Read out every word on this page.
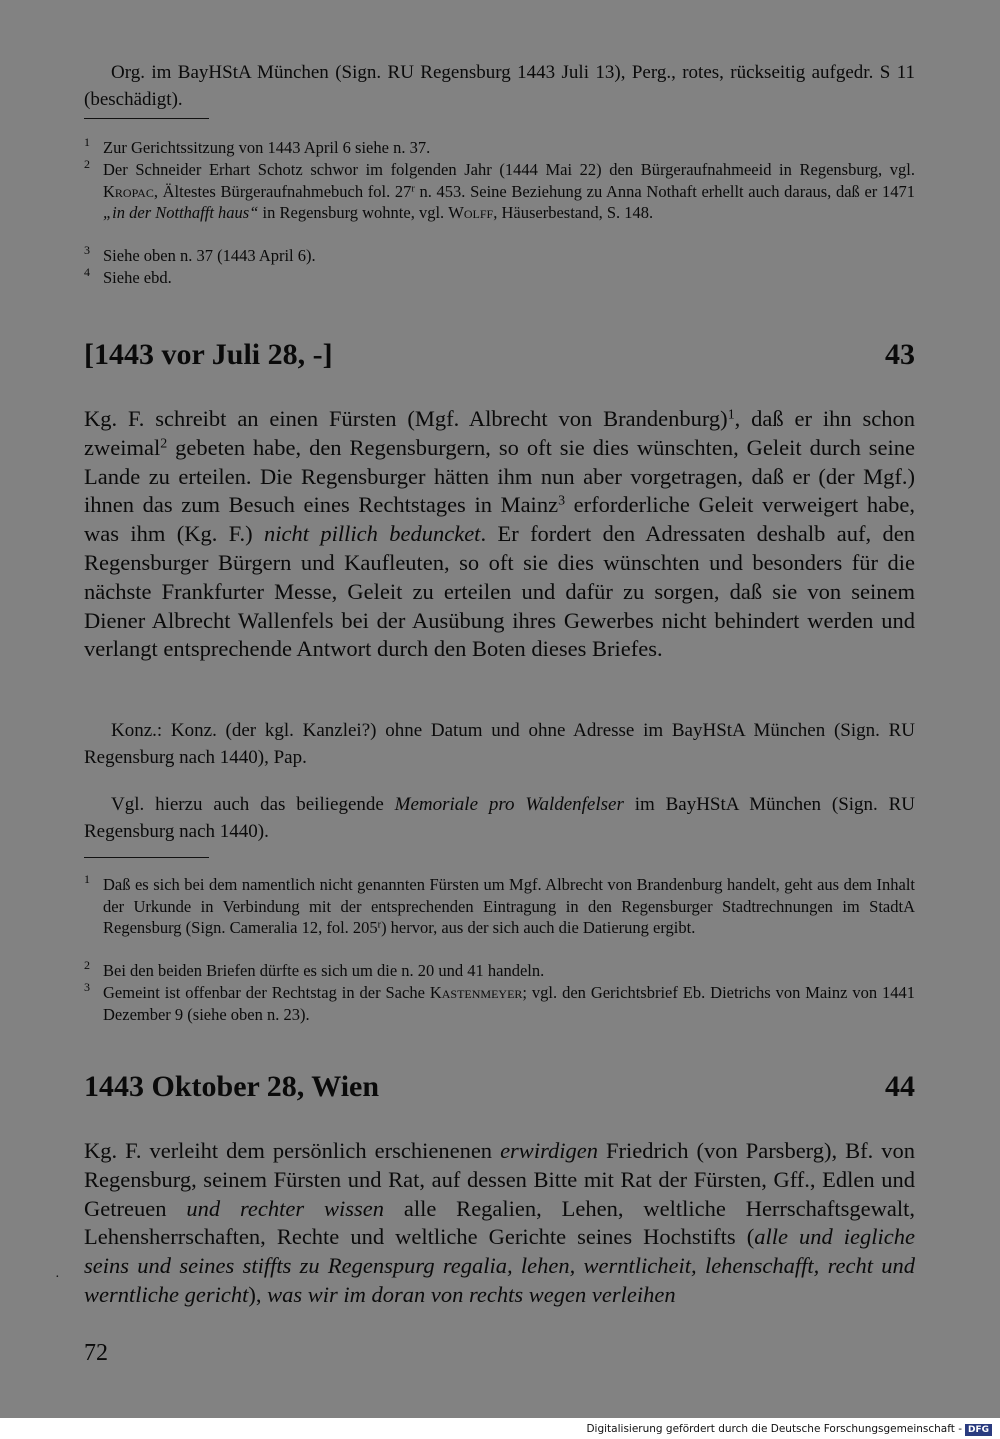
Org. im BayHStA München (Sign. RU Regensburg 1443 Juli 13), Perg., rotes, rückseitig aufgedr. S 11 (beschädigt).

1 Zur Gerichtssitzung von 1443 April 6 siehe n. 37.
2 Der Schneider Erhart Schotz schwor im folgenden Jahr (1444 Mai 22) den Bürgeraufnahmeeid in Regensburg, vgl. Kropac, Ältestes Bürgeraufnahmebuch fol. 27$^r$ n. 453. Seine Beziehung zu Anna Nothaft erhellt auch daraus, daß er 1471 „in der Notthafft haus“ in Regensburg wohnte, vgl. Wolff, Häuserbestand, S. 148.
3 Siehe oben n. 37 (1443 April 6).
4 Siehe ebd.
[1443 vor Juli 28, -]	43

Kg. F. schreibt an einen Fürsten (Mgf. Albrecht von Brandenburg)$^1$, daß er ihn schon zweimal$^2$ gebeten habe, den Regensburgern, so oft sie dies wünschten, Geleit durch seine Lande zu erteilen. Die Regensburger hätten ihm nun aber vorgetragen, daß er (der Mgf.) ihnen das zum Besuch eines Rechtstages in Mainz$^3$ erforderliche Geleit verweigert habe, was ihm (Kg. F.) nicht pillich beduncket. Er fordert den Adressaten deshalb auf, den Regensburger Bürgern und Kaufleuten, so oft sie dies wünschten und besonders für die nächste Frankfurter Messe, Geleit zu erteilen und dafür zu sorgen, daß sie von seinem Diener Albrecht Wallenfels bei der Ausübung ihres Gewerbes nicht behindert werden und verlangt entsprechende Antwort durch den Boten dieses Briefes.

Konz.: Konz. (der kgl. Kanzlei?) ohne Datum und ohne Adresse im BayHStA München (Sign. RU Regensburg nach 1440), Pap.

Vgl. hierzu auch das beiliegende Memoriale pro Waldenfelser im BayHStA München (Sign. RU Regensburg nach 1440).

1 Daß es sich bei dem namentlich nicht genannten Fürsten um Mgf. Albrecht von Brandenburg handelt, geht aus dem Inhalt der Urkunde in Verbindung mit der entsprechenden Eintragung in den Regensburger Stadtrechnungen im StadtA Regensburg (Sign. Cameralia 12, fol. 205$^r$) hervor, aus der sich auch die Datierung ergibt.
2 Bei den beiden Briefen dürfte es sich um die n. 20 und 41 handeln.
3 Gemeint ist offenbar der Rechtstag in der Sache Kastenmeyer; vgl. den Gerichtsbrief Eb. Dietrichs von Mainz von 1441 Dezember 9 (siehe oben n. 23).
1443 Oktober 28, Wien	44

Kg. F. verleiht dem persönlich erschienenen erwirdigen Friedrich (von Parsberg), Bf. von Regensburg, seinem Fürsten und Rat, auf dessen Bitte mit Rat der Fürsten, Gff., Edlen und Getreuen und rechter wissen alle Regalien, Lehen, weltliche Herrschaftsgewalt, Lehensherrschaften, Rechte und weltliche Gerichte seines Hochstifts (alle und iegliche seins und seines stiffts zu Regenspurg regalia, lehen, werntlicheit, lehenschafft, recht und werntliche gericht), was wir im doran von rechts wegen verleihen

·
72
Digitalisierung gefördert durch die Deutsche Forschungsgemeinschaft - DFG
